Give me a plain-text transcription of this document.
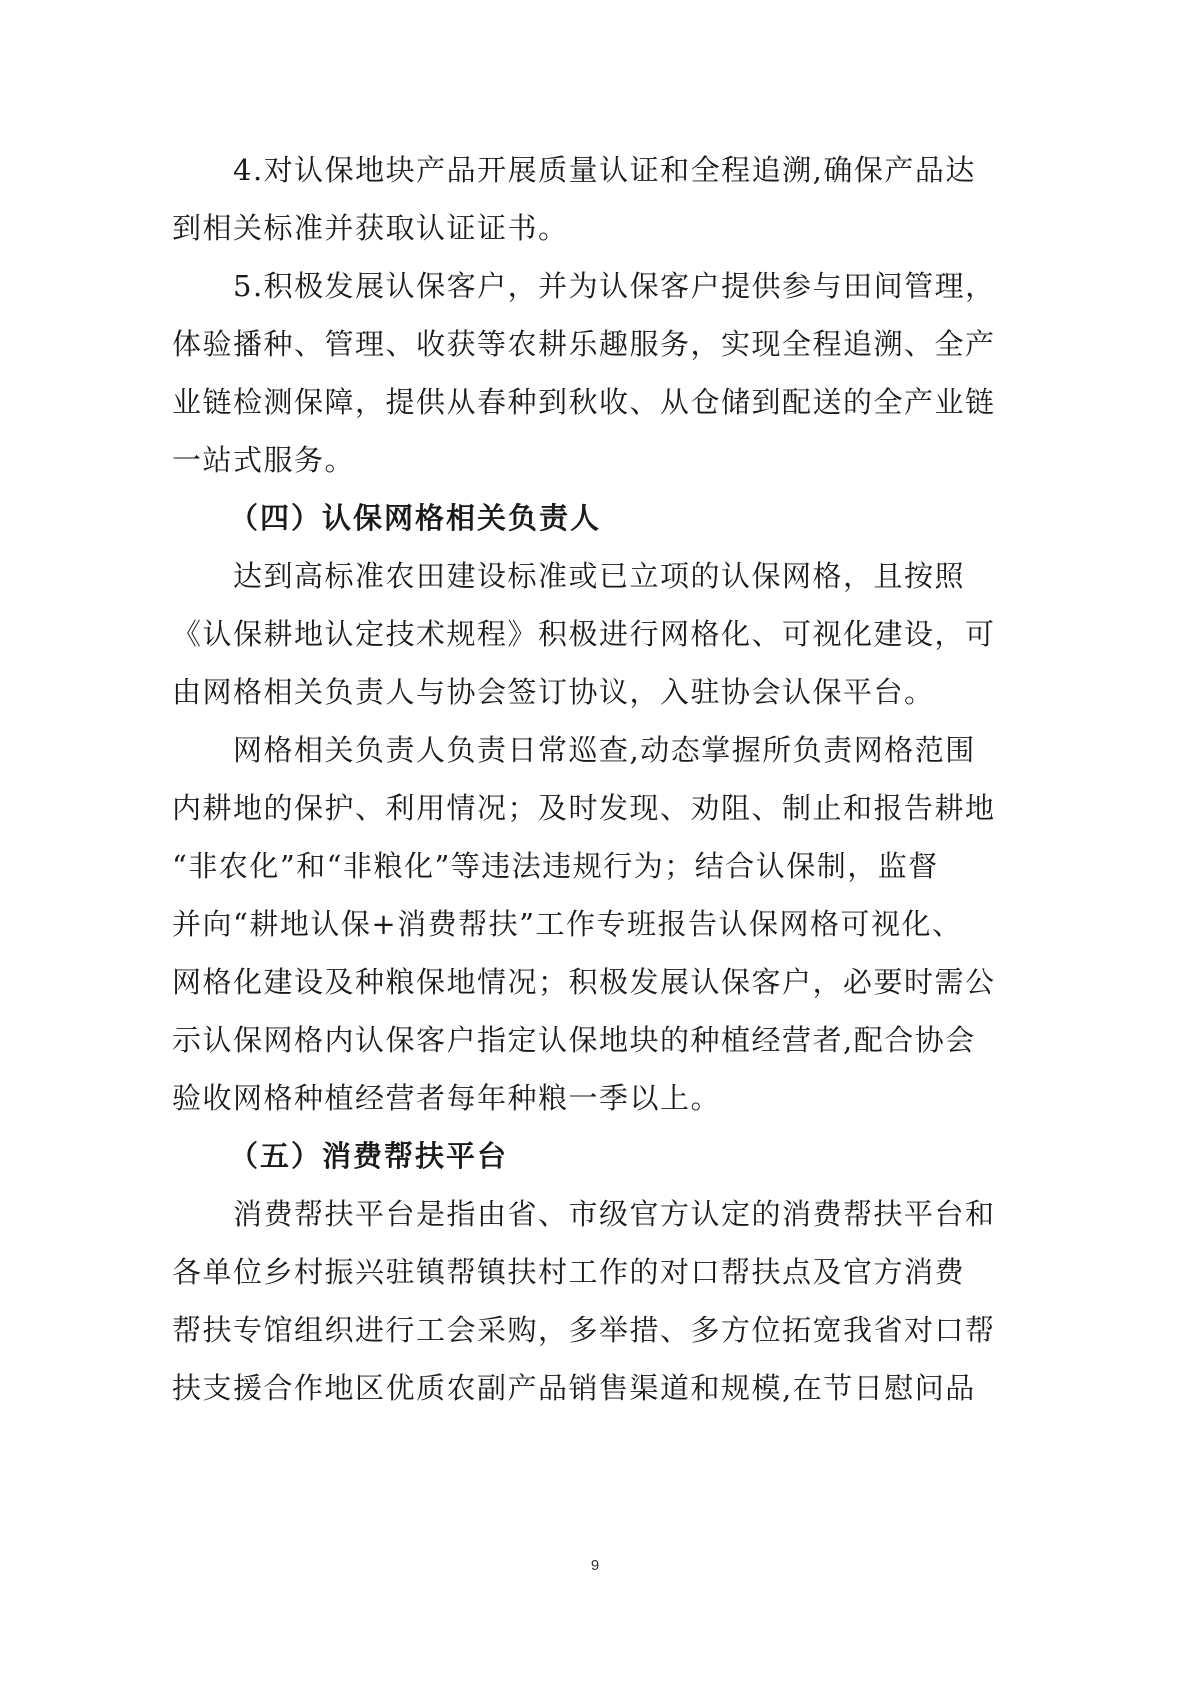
4.对认保地块产品开展质量认证和全程追溯,确保产品达
到相关标准并获取认证证书。
5.积极发展认保客户，并为认保客户提供参与田间管理，
体验播种、管理、收获等农耕乐趣服务，实现全程追溯、全产
业链检测保障，提供从春种到秋收、从仓储到配送的全产业链
一站式服务。
（四）认保网格相关负责人
达到高标准农田建设标准或已立项的认保网格，且按照
《认保耕地认定技术规程》积极进行网格化、可视化建设，可
由网格相关负责人与协会签订协议，入驻协会认保平台。
网格相关负责人负责日常巡查,动态掌握所负责网格范围
内耕地的保护、利用情况；及时发现、劝阻、制止和报告耕地
“非农化”和“非粮化”等违法违规行为；结合认保制，监督
并向“耕地认保+消费帮扶”工作专班报告认保网格可视化、
网格化建设及种粮保地情况；积极发展认保客户，必要时需公
示认保网格内认保客户指定认保地块的种植经营者,配合协会
验收网格种植经营者每年种粮一季以上。
（五）消费帮扶平台
消费帮扶平台是指由省、市级官方认定的消费帮扶平台和
各单位乡村振兴驻镇帮镇扶村工作的对口帮扶点及官方消费
帮扶专馆组织进行工会采购，多举措、多方位拓宽我省对口帮
扶支援合作地区优质农副产品销售渠道和规模,在节日慰问品
9
